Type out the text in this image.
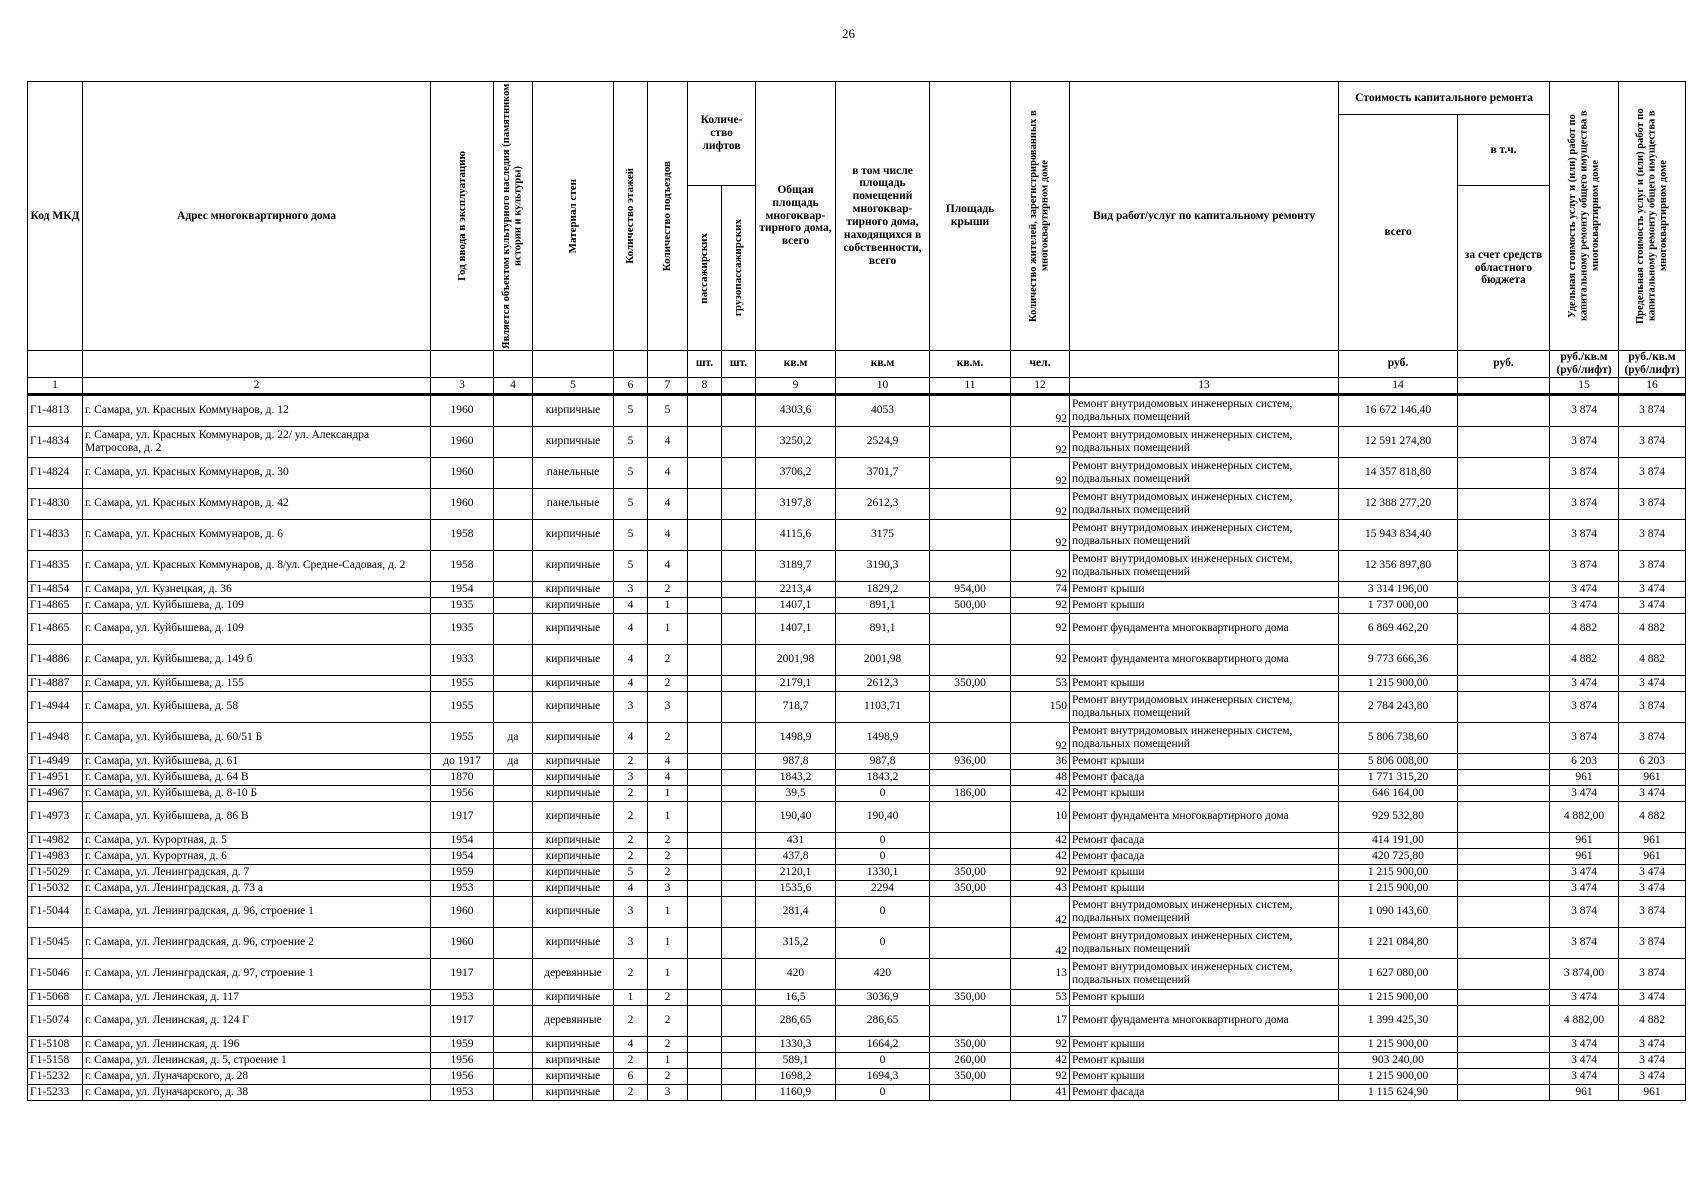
26
Код МКД	Адрес многоквартирного дома	Год ввода в эксплуатацию	Является объектом культурного наследия (памятником истории и культуры)	Материал стен	Количество этажей	Количество подъездов	Количе-ство лифтов		Общая площадь многоквар-тирного дома, всего	в том числе площадь помещений многоквар-тирного дома, находящихся в собственности, всего	Площадь крыши	Количество жителей, зарегистрированных в многоквартирном доме	Вид работ/услуг по капитальному ремонту	Стоимость капитального ремонта		Удельная стоимость услуг и (или) работ по капитальному ремонту общего имущества в многоквартирном доме	Предельная стоимость услуг и (или) работ по капитальному ремонту общего имущества в многоквартирном доме

														всего	в т.ч.		

							пассажирских	грузопассажирских							за счет средств областного бюджета		
							шт.	шт.	кв.м	кв.м	кв.м.	чел.		руб.	руб.	руб./кв.м (руб/лифт)	руб./кв.м (руб/лифт)
1	2	3	4	5	6	7	8		9	10	11	12	13	14		15	16
Г1-4813	г. Самара, ул. Красных Коммунаров, д. 12	1960		кирпичные	5	5			4303,6	4053		92	Ремонт внутридомовых инженерных систем, подвальных помещений	16 672 146,40		3 874	3 874
Г1-4834	г. Самара, ул. Красных Коммунаров, д. 22/ ул. Александра Матросова, д. 2	1960		кирпичные	5	4			3250,2	2524,9		92	Ремонт внутридомовых инженерных систем, подвальных помещений	12 591 274,80		3 874	3 874
Г1-4824	г. Самара, ул. Красных Коммунаров, д. 30	1960		панельные	5	4			3706,2	3701,7		92	Ремонт внутридомовых инженерных систем, подвальных помещений	14 357 818,80		3 874	3 874
Г1-4830	г. Самара, ул. Красных Коммунаров, д. 42	1960		панельные	5	4			3197,8	2612,3		92	Ремонт внутридомовых инженерных систем, подвальных помещений	12 388 277,20		3 874	3 874
Г1-4833	г. Самара, ул. Красных Коммунаров, д. 6	1958		кирпичные	5	4			4115,6	3175		92	Ремонт внутридомовых инженерных систем, подвальных помещений	15 943 834,40		3 874	3 874
Г1-4835	г. Самара, ул. Красных Коммунаров, д. 8/ул. Средне-Садовая, д. 2	1958		кирпичные	5	4			3189,7	3190,3		92	Ремонт внутридомовых инженерных систем, подвальных помещений	12 356 897,80		3 874	3 874
Г1-4854	г. Самара, ул. Кузнецкая, д. 36	1954		кирпичные	3	2			2213,4	1829,2	954,00	74	Ремонт крыши	3 314 196,00		3 474	3 474
Г1-4865	г. Самара, ул. Куйбышева, д. 109	1935		кирпичные	4	1			1407,1	891,1	500,00	92	Ремонт крыши	1 737 000,00		3 474	3 474
Г1-4865	г. Самара, ул. Куйбышева, д. 109	1935		кирпичные	4	1			1407,1	891,1		92	Ремонт фундамента многоквартирного дома	6 869 462,20		4 882	4 882
Г1-4886	г. Самара, ул. Куйбышева, д. 149 б	1933		кирпичные	4	2			2001,98	2001,98		92	Ремонт фундамента многоквартирного дома	9 773 666,36		4 882	4 882
Г1-4887	г. Самара, ул. Куйбышева, д. 155	1955		кирпичные	4	2			2179,1	2612,3	350,00	53	Ремонт крыши	1 215 900,00		3 474	3 474
Г1-4944	г. Самара, ул. Куйбышева, д. 58	1955		кирпичные	3	3			718,7	1103,71		150	Ремонт внутридомовых инженерных систем, подвальных помещений	2 784 243,80		3 874	3 874
Г1-4948	г. Самара, ул. Куйбышева, д. 60/51 Б	1955	да	кирпичные	4	2			1498,9	1498,9		92	Ремонт внутридомовых инженерных систем, подвальных помещений	5 806 738,60		3 874	3 874
Г1-4949	г. Самара, ул. Куйбышева, д. 61	до 1917	да	кирпичные	2	4			987,8	987,8	936,00	36	Ремонт крыши	5 806 008,00		6 203	6 203
Г1-4951	г. Самара, ул. Куйбышева, д. 64 В	1870		кирпичные	3	4			1843,2	1843,2		48	Ремонт фасада	1 771 315,20		961	961
Г1-4967	г. Самара, ул. Куйбышева, д. 8-10 Б	1956		кирпичные	2	1			39,5	0	186,00	42	Ремонт крыши	646 164,00		3 474	3 474
Г1-4973	г. Самара, ул. Куйбышева, д. 86 В	1917		кирпичные	2	1			190,40	190,40		10	Ремонт фундамента многоквартирного дома	929 532,80		4 882,00	4 882
Г1-4982	г. Самара, ул. Курортная, д. 5	1954		кирпичные	2	2			431	0		42	Ремонт фасада	414 191,00		961	961
Г1-4983	г. Самара, ул. Курортная, д. 6	1954		кирпичные	2	2			437,8	0		42	Ремонт фасада	420 725,80		961	961
Г1-5029	г. Самара, ул. Ленинградская, д. 7	1959		кирпичные	5	2			2120,1	1330,1	350,00	92	Ремонт крыши	1 215 900,00		3 474	3 474
Г1-5032	г. Самара, ул. Ленинградская, д. 73 а	1953		кирпичные	4	3			1535,6	2294	350,00	43	Ремонт крыши	1 215 900,00		3 474	3 474
Г1-5044	г. Самара, ул. Ленинградская, д. 96, строение 1	1960		кирпичные	3	1			281,4	0		42	Ремонт внутридомовых инженерных систем, подвальных помещений	1 090 143,60		3 874	3 874
Г1-5045	г. Самара, ул. Ленинградская, д. 96, строение 2	1960		кирпичные	3	1			315,2	0		42	Ремонт внутридомовых инженерных систем, подвальных помещений	1 221 084,80		3 874	3 874
Г1-5046	г. Самара, ул. Ленинградская, д. 97, строение 1	1917		деревянные	2	1			420	420		13	Ремонт внутридомовых инженерных систем, подвальных помещений	1 627 080,00		3 874,00	3 874
Г1-5068	г. Самара, ул. Ленинская, д. 117	1953		кирпичные	1	2			16,5	3036,9	350,00	53	Ремонт крыши	1 215 900,00		3 474	3 474
Г1-5074	г. Самара, ул. Ленинская, д. 124 Г	1917		деревянные	2	2			286,65	286,65		17	Ремонт фундамента многоквартирного дома	1 399 425,30		4 882,00	4 882
Г1-5108	г. Самара, ул. Ленинская, д. 196	1959		кирпичные	4	2			1330,3	1664,2	350,00	92	Ремонт крыши	1 215 900,00		3 474	3 474
Г1-5158	г. Самара, ул. Ленинская, д. 5, строение 1	1956		кирпичные	2	1			589,1	0	260,00	42	Ремонт крыши	903 240,00		3 474	3 474
Г1-5232	г. Самара, ул. Луначарского, д. 28	1956		кирпичные	6	2			1698,2	1694,3	350,00	92	Ремонт крыши	1 215 900,00		3 474	3 474
Г1-5233	г. Самара, ул. Луначарского, д. 38	1953		кирпичные	2	3			1160,9	0		41	Ремонт фасада	1 115 624,90		961	961
